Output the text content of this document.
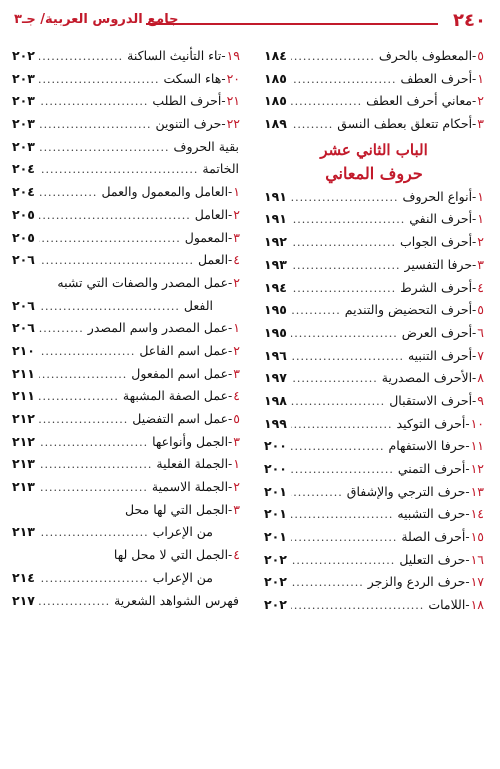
٢٤٠
جامع الدروس العربية/ جـ٣
٥
-المعطوف بالحرف
.....
١٨٤
١
-أحرف العطف
.....
١٨٥
٢
-معاني أحرف العطف
.....
١٨٥
٣
-أحكام تتعلق بعطف النسق
.....
١٨٩
الباب الثاني عشر
حروف المعاني
١
-أنواع الحروف
.....
١٩١
١
-أحرف النفي
.....
١٩١
٢
-أحرف الجواب
.....
١٩٢
٣
-حرفا التفسير
.....
١٩٣
٤
-أحرف الشرط
.....
١٩٤
٥
-أحرف التحضيض والتنديم
.....
١٩٥
٦
-أحرف العرض
.....
١٩٥
٧
-أحرف التنبيه
.....
١٩٦
٨
-الأحرف المصدرية
.....
١٩٧
٩
-أحرف الاستقبال
.....
١٩٨
١٠
-أحرف التوكيد
.....
١٩٩
١١
-حرفا الاستفهام
.....
٢٠٠
١٢
-أحرف التمني
.....
٢٠٠
١٣
-حرف الترجي والإشفاق
.....
٢٠١
١٤
-حرف التشبيه
.....
٢٠١
١٥
-أحرف الصلة
.....
٢٠١
١٦
-حرف التعليل
.....
٢٠٢
١٧
-حرف الردع والزجر
.....
٢٠٢
١٨
-اللامات
.....
٢٠٢
١٩
-تاء التأنيث الساكنة
.....
٢٠٢
٢٠
-هاء السكت
.....
٢٠٣
٢١
-أحرف الطلب
.....
٢٠٣
٢٢
-حرف التنوين
.....
٢٠٣
بقية الحروف
.....
٢٠٣
الخاتمة
.....
٢٠٤
١
-العامل والمعمول والعمل
.....
٢٠٤
٢
-العامل
.....
٢٠٥
٣
-المعمول
.....
٢٠٥
٤
-العمل
.....
٢٠٦
٢
-عمل المصدر والصفات التي تشبه
الفعل
.....
٢٠٦
١
-عمل المصدر واسم المصدر
.....
٢٠٦
٢
-عمل اسم الفاعل
.....
٢١٠
٣
-عمل اسم المفعول
.....
٢١١
٤
-عمل الصفة المشبهة
.....
٢١١
٥
-عمل اسم التفضيل
.....
٢١٢
٣
-الجمل وأنواعها
.....
٢١٢
١
-الجملة الفعلية
.....
٢١٣
٢
-الجملة الاسمية
.....
٢١٣
٣
-الجمل التي لها محل
من الإعراب
.....
٢١٣
٤
-الجمل التي لا محل لها
من الإعراب
.....
٢١٤
فهرس الشواهد الشعرية
.....
٢١٧
